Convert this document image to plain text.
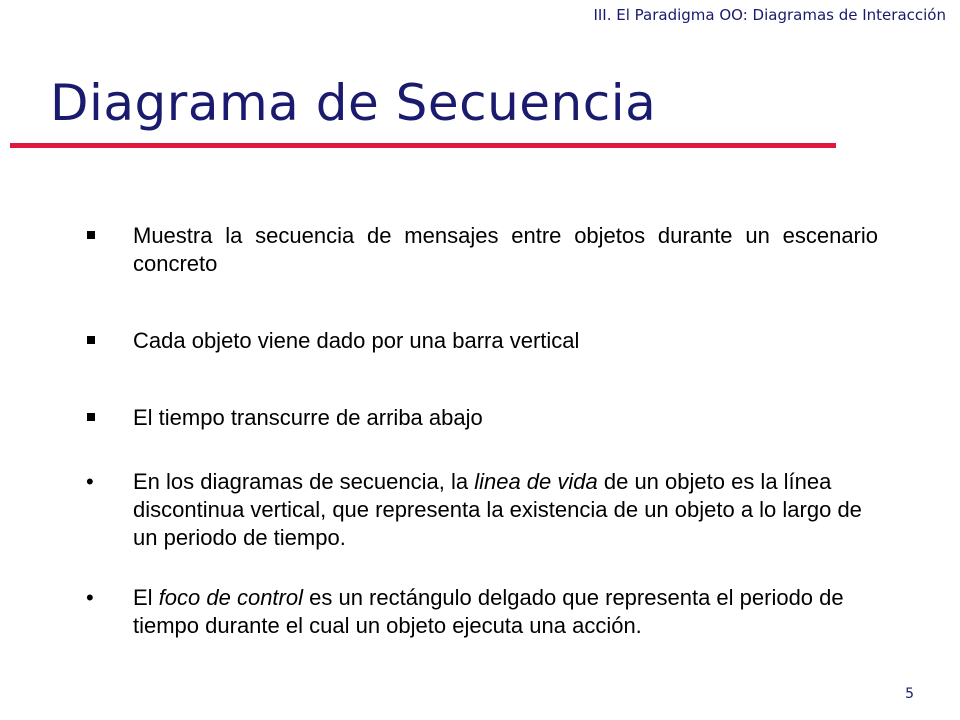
III. El Paradigma OO: Diagramas de Interacción
Diagrama de Secuencia
Muestra la secuencia de mensajes entre objetos durante un escenario concreto
Cada objeto viene dado por una barra vertical
El tiempo transcurre de arriba abajo
•	En los diagramas de secuencia, la linea de vida de un objeto es la línea discontinua vertical, que representa la existencia de un objeto a lo largo de un periodo de tiempo.
•	El foco de control es un rectángulo delgado que representa el periodo de tiempo durante el cual un objeto ejecuta una acción.
5
